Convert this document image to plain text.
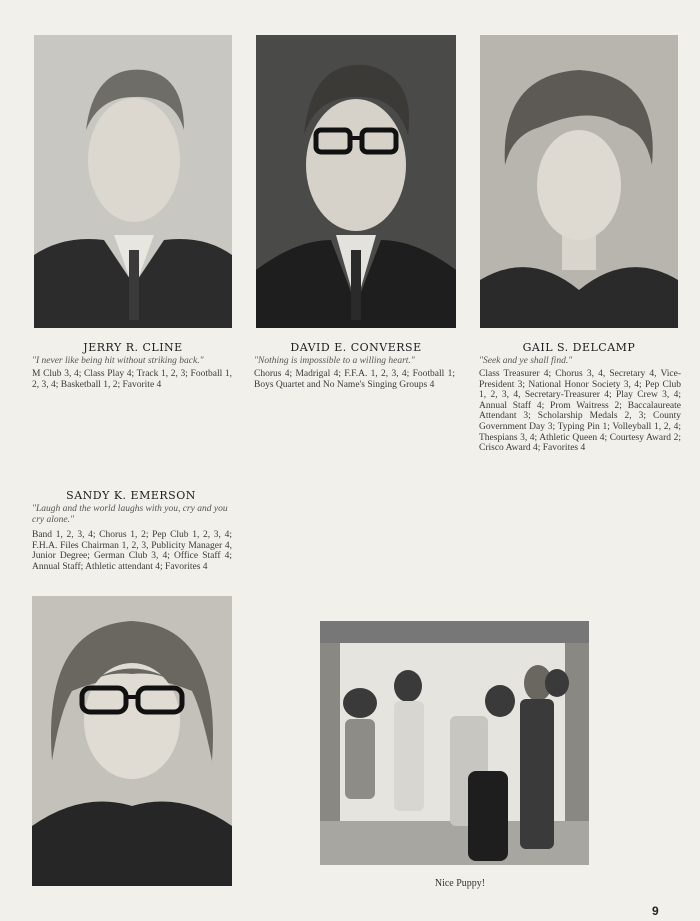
JERRY R. CLINE	DAVID E. CONVERSE	GAIL S. DELCAMP
"I never like being hit without striking back."	"Nothing is impossible to a willing heart."	"Seek and ye shall find."
M Club 3, 4; Class Play 4; Track 1, 2, 3; Football 1, 2, 3, 4; Basketball 1, 2; Favorite 4
Chorus 4; Madrigal 4; F.F.A. 1, 2, 3, 4; Football 1; Boys Quartet and No Name's Singing Groups 4
Class Treasurer 4; Chorus 3, 4, Secretary 4, Vice-President 3; National Honor Society 3, 4; Pep Club 1, 2, 3, 4, Secretary-Treasurer 4; Play Crew 3, 4; Annual Staff 4; Prom Waitress 2; Baccalaureate Attendant 3; Scholarship Medals 2, 3; County Government Day 3; Typing Pin 1; Volleyball 1, 2, 4; Thespians 3, 4; Athletic Queen 4; Courtesy Award 2; Crisco Award 4; Favorites 4
SANDY K. EMERSON
"Laugh and the world laughs with you, cry and you cry alone."
Band 1, 2, 3, 4; Chorus 1, 2; Pep Club 1, 2, 3, 4; F.H.A. Files Chairman 1, 2, 3, Publicity Manager 4, Junior Degree; German Club 3, 4; Office Staff 4; Annual Staff; Athletic attendant 4; Favorites 4
Nice Puppy!
9
